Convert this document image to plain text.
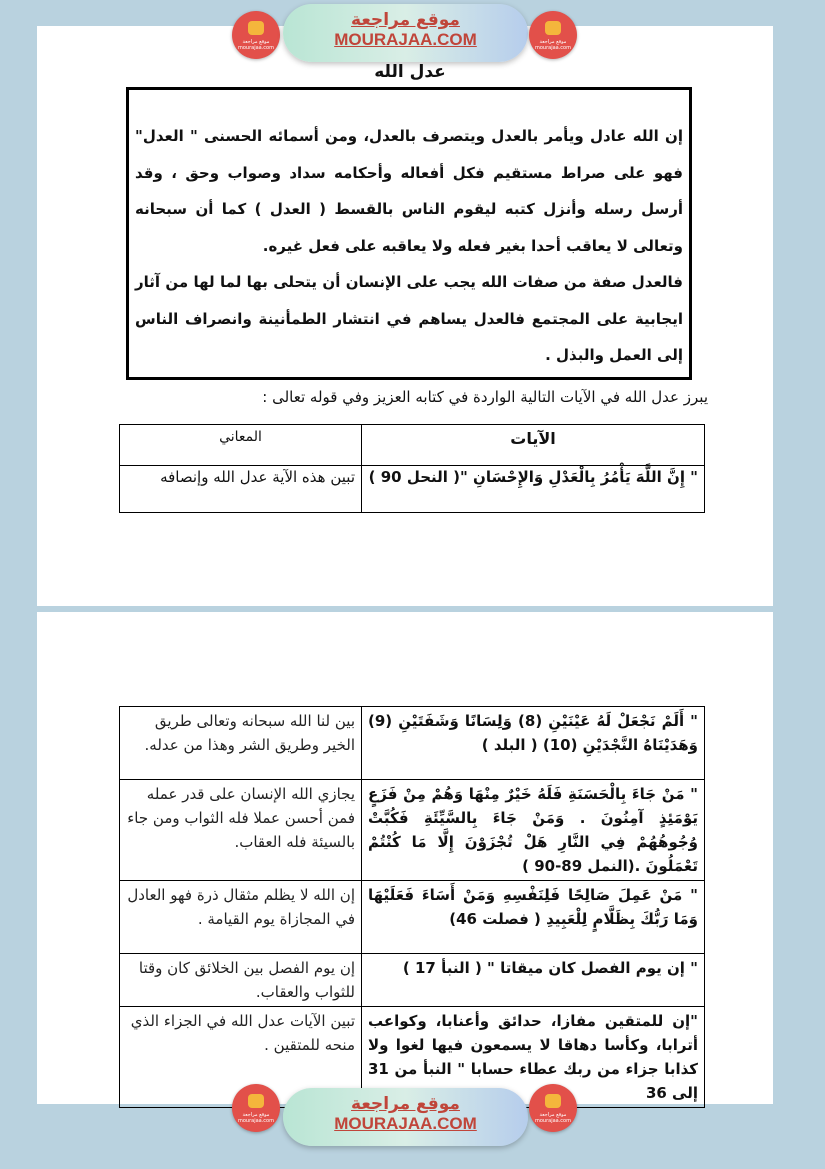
موقع مراجعة mourajaa.com
موقع مراجعة
MOURAJAA.COM	موقع مراجعة mourajaa.com
عدل الله

إن الله عادل ويأمر بالعدل ويتصرف بالعدل، ومن أسمائه الحسنى " العدل" فهو على صراط مستقيم فكل أفعاله وأحكامه سداد وصواب وحق ، وقد أرسل رسله وأنزل كتبه ليقوم الناس بالقسط ( العدل ) كما أن سبحانه وتعالى لا يعاقب أحدا بغير فعله ولا يعاقبه على فعل غيره.

فالعدل صفة من صفات الله يجب على الإنسان أن يتحلى بها لما لها من آثار ايجابية على المجتمع فالعدل يساهم في انتشار الطمأنينة وانصراف الناس إلى العمل والبذل .

يبرز عدل الله في الآيات التالية الواردة في كتابه العزيز وفي قوله تعالى :
الآيات	المعاني
" إِنَّ اللَّهَ يَأْمُرُ بِالْعَدْلِ وَالإِحْسَانِ "( النحل 90 )	تبين هذه الآية عدل الله وإنصافه
" أَلَمْ نَجْعَلْ لَهُ عَيْنَيْنِ (8) وَلِسَانًا وَشَفَتَيْنِ (9) وَهَدَيْنَاهُ النَّجْدَيْنِ (10) ( البلد )	بين لنا الله سبحانه وتعالى طريق الخير وطريق الشر وهذا من عدله.
" مَنْ جَاءَ بِالْحَسَنَةِ فَلَهُ خَيْرٌ مِنْهَا وَهُمْ مِنْ فَزَعٍ يَوْمَئِذٍ آمِنُونَ . وَمَنْ جَاءَ بِالسَّيِّئَةِ فَكُبَّتْ وُجُوهُهُمْ فِي النَّارِ هَلْ تُجْزَوْنَ إِلَّا مَا كُنْتُمْ تَعْمَلُونَ .(النمل 89-90 )	يجازي الله الإنسان على قدر عمله فمن أحسن عملا فله الثواب ومن جاء بالسيئة فله العقاب.
" مَنْ عَمِلَ صَالِحًا فَلِنَفْسِهِ وَمَنْ أَسَاءَ فَعَلَيْهَا وَمَا رَبُّكَ بِظَلَّامٍ لِلْعَبِيدِ ( فصلت 46)	إن الله لا يظلم مثقال ذرة فهو العادل في المجازاة يوم القيامة .
" إن يوم الفصل كان ميقاتا " ( النبأ 17 )	إن يوم الفصل بين الخلائق كان وقتا للثواب والعقاب.
"إن للمتقين مفازا، حدائق وأعنابا، وكواعب أترابا، وكأسا دهاقا لا يسمعون فيها لغوا ولا كذابا جزاء من ربك عطاء حسابا " النبأ من 31 إلى 36	تبين الآيات عدل الله في الجزاء الذي منحه للمتقين .
موقع مراجعة mourajaa.com
موقع مراجعة
MOURAJAA.COM	موقع مراجعة mourajaa.com
